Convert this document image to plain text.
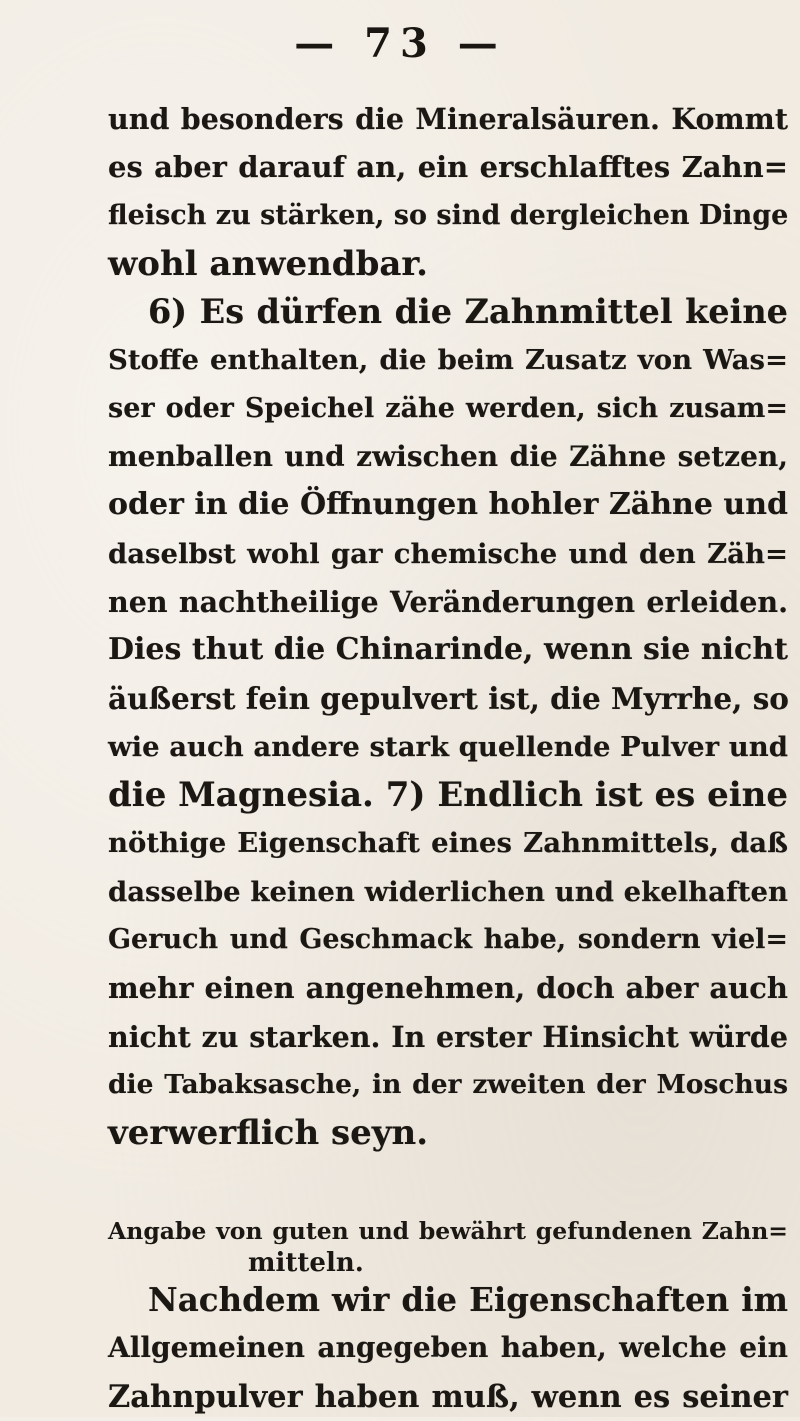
— 73 —
und besonders die Mineralsäuren. Kommt
es aber darauf an, ein erschlafftes Zahn=
fleisch zu stärken, so sind dergleichen Dinge
wohl anwendbar.
6) Es dürfen die Zahnmittel keine
Stoffe enthalten, die beim Zusatz von Was=
ser oder Speichel zähe werden, sich zusam=
menballen und zwischen die Zähne setzen,
oder in die Öffnungen hohler Zähne und
daselbst wohl gar chemische und den Zäh=
nen nachtheilige Veränderungen erleiden.
Dies thut die Chinarinde, wenn sie nicht
äußerst fein gepulvert ist, die Myrrhe, so
wie auch andere stark quellende Pulver und
die Magnesia. 7) Endlich ist es eine
nöthige Eigenschaft eines Zahnmittels, daß
dasselbe keinen widerlichen und ekelhaften
Geruch und Geschmack habe, sondern viel=
mehr einen angenehmen, doch aber auch
nicht zu starken. In erster Hinsicht würde
die Tabaksasche, in der zweiten der Moschus
verwerflich seyn.
Angabe von guten und bewährt gefundenen Zahn=
mitteln.
Nachdem wir die Eigenschaften im
Allgemeinen angegeben haben, welche ein
Zahnpulver haben muß, wenn es seiner
